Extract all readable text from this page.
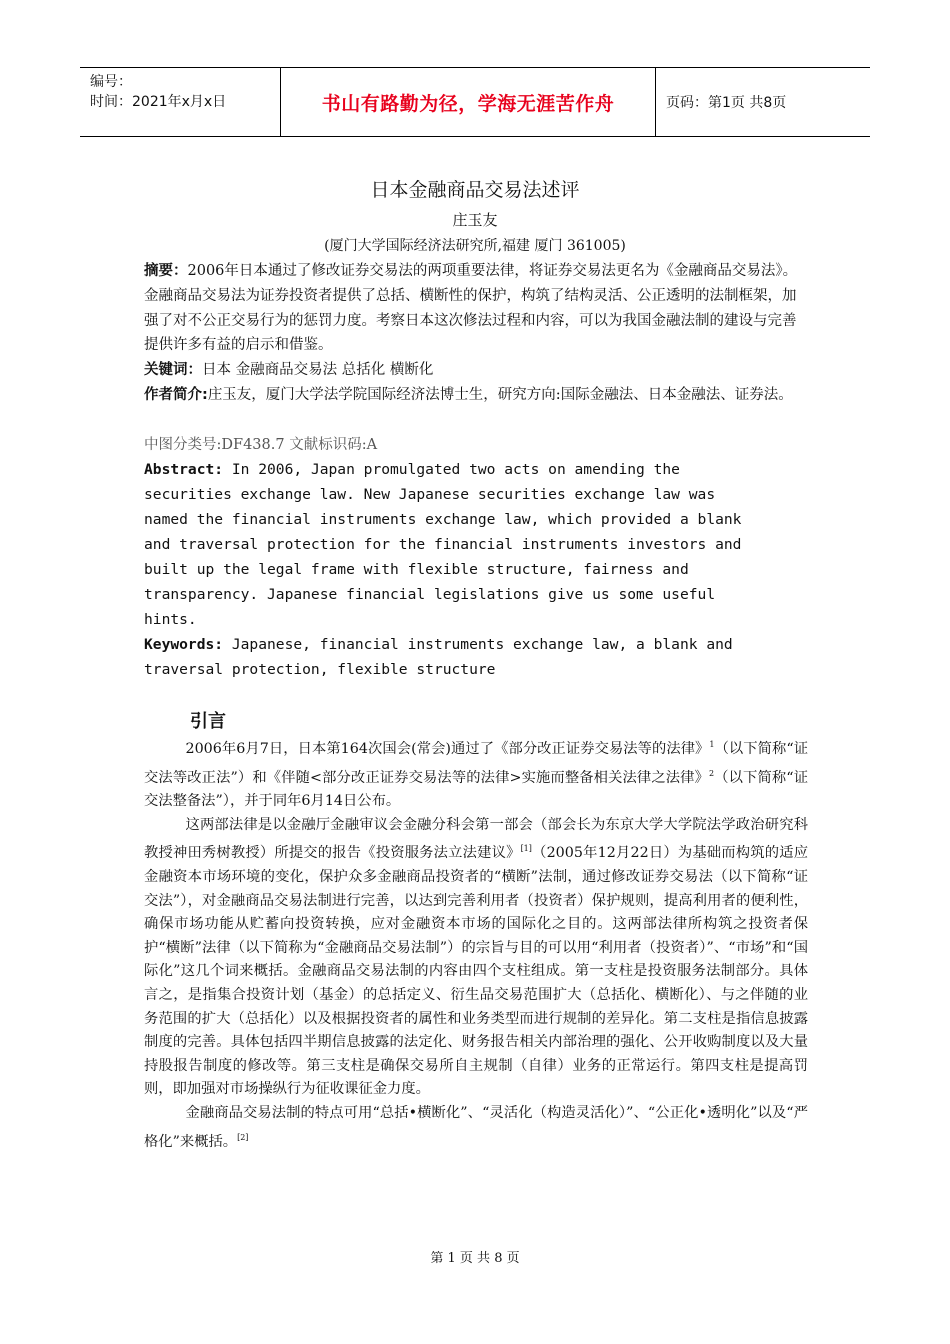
编号：
时间：2021年x月x日	书山有路勤为径，学海无涯苦作舟	页码：第1页 共8页
日本金融商品交易法述评
庄玉友
(厦门大学国际经济法研究所,福建 厦门 361005)
摘要：2006年日本通过了修改证券交易法的两项重要法律，将证券交易法更名为《金融商品交易法》。金融商品交易法为证券投资者提供了总括、横断性的保护，构筑了结构灵活、公正透明的法制框架，加强了对不公正交易行为的惩罚力度。考察日本这次修法过程和内容，可以为我国金融法制的建设与完善提供许多有益的启示和借鉴。
关键词：日本 金融商品交易法 总括化 横断化
作者简介:庄玉友，厦门大学法学院国际经济法博士生，研究方向:国际金融法、日本金融法、证券法。
中图分类号:DF438.7 文献标识码:A
Abstract: In 2006, Japan promulgated two acts on amending the
securities exchange law. New Japanese securities exchange law was
named the financial instruments exchange law, which provided a blank
and traversal protection for the financial instruments investors and
built up the legal frame with flexible structure, fairness and
transparency. Japanese financial legislations give us some useful
hints.
Keywords: Japanese, financial instruments exchange law, a blank and
traversal protection, flexible structure
引言

2006年6月7日，日本第164次国会(常会)通过了《部分改正证券交易法等的法律》$^1$（以下简称“证交法等改正法”）和《伴随<部分改正证券交易法等的法律>实施而整备相关法律之法律》$^2$（以下简称“证交法整备法”），并于同年6月14日公布。

这两部法律是以金融厅金融审议会金融分科会第一部会（部会长为东京大学大学院法学政治研究科教授神田秀树教授）所提交的报告《投资服务法立法建议》[1]（2005年12月22日）为基础而构筑的适应金融资本市场环境的变化，保护众多金融商品投资者的“横断”法制，通过修改证券交易法（以下简称“证交法”），对金融商品交易法制进行完善，以达到完善利用者（投资者）保护规则，提高利用者的便利性，确保市场功能从贮蓄向投资转换，应对金融资本市场的国际化之目的。这两部法律所构筑之投资者保护“横断”法律（以下简称为“金融商品交易法制”）的宗旨与目的可以用“利用者（投资者）”、“市场”和“国际化”这几个词来概括。金融商品交易法制的内容由四个支柱组成。第一支柱是投资服务法制部分。具体言之，是指集合投资计划（基金）的总括定义、衍生品交易范围扩大（总括化、横断化）、与之伴随的业务范围的扩大（总括化）以及根据投资者的属性和业务类型而进行规制的差异化。第二支柱是指信息披露制度的完善。具体包括四半期信息披露的法定化、财务报告相关内部治理的强化、公开收购制度以及大量持股报告制度的修改等。第三支柱是确保交易所自主规制（自律）业务的正常运行。第四支柱是提高罚则，即加强对市场操纵行为征收课征金力度。

金融商品交易法制的特点可用“总括•横断化”、“灵活化（构造灵活化）”、“公正化•透明化”以及“严格化”来概括。[2]

第 1 页 共 8 页
